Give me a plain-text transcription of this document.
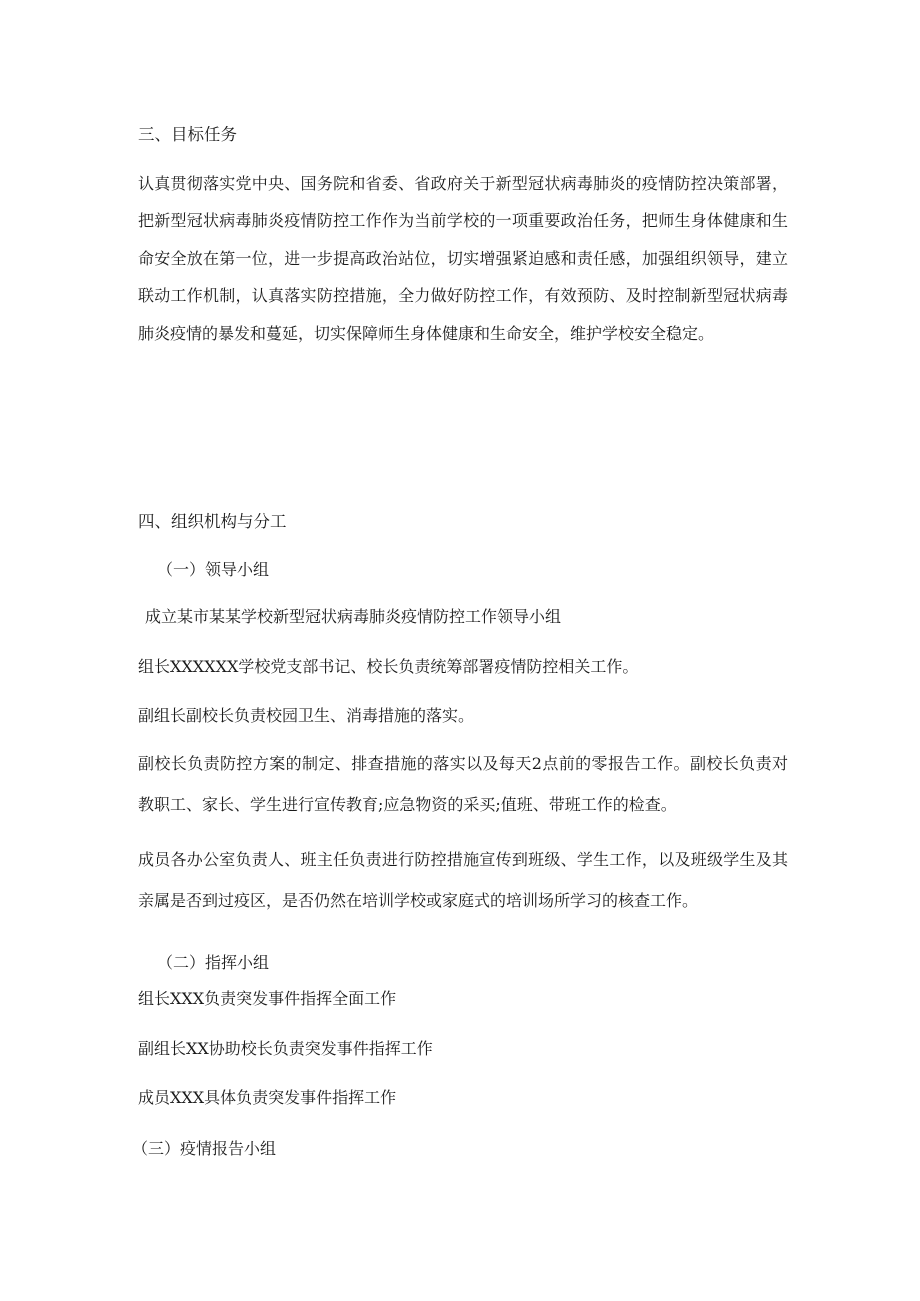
三、目标任务

认真贯彻落实党中央、国务院和省委、省政府关于新型冠状病毒肺炎的疫情防控决策部署，把新型冠状病毒肺炎疫情防控工作作为当前学校的一项重要政治任务，把师生身体健康和生命安全放在第一位，进一步提高政治站位，切实增强紧迫感和责任感，加强组织领导，建立联动工作机制，认真落实防控措施，全力做好防控工作，有效预防、及时控制新型冠状病毒肺炎疫情的暴发和蔓延，切实保障师生身体健康和生命安全，维护学校安全稳定。

四、组织机构与分工
（一）领导小组
成立某市某某学校新型冠状病毒肺炎疫情防控工作领导小组
组长XXXXXX学校党支部书记、校长负责统筹部署疫情防控相关工作。
副组长副校长负责校园卫生、消毒措施的落实。

副校长负责防控方案的制定、排查措施的落实以及每天2点前的零报告工作。副校长负责对教职工、家长、学生进行宣传教育;应急物资的采买;值班、带班工作的检查。

成员各办公室负责人、班主任负责进行防控措施宣传到班级、学生工作，以及班级学生及其亲属是否到过疫区，是否仍然在培训学校或家庭式的培训场所学习的核查工作。

（二）指挥小组
组长XXX负责突发事件指挥全面工作
副组长XX协助校长负责突发事件指挥工作
成员XXX具体负责突发事件指挥工作
（三）疫情报告小组
